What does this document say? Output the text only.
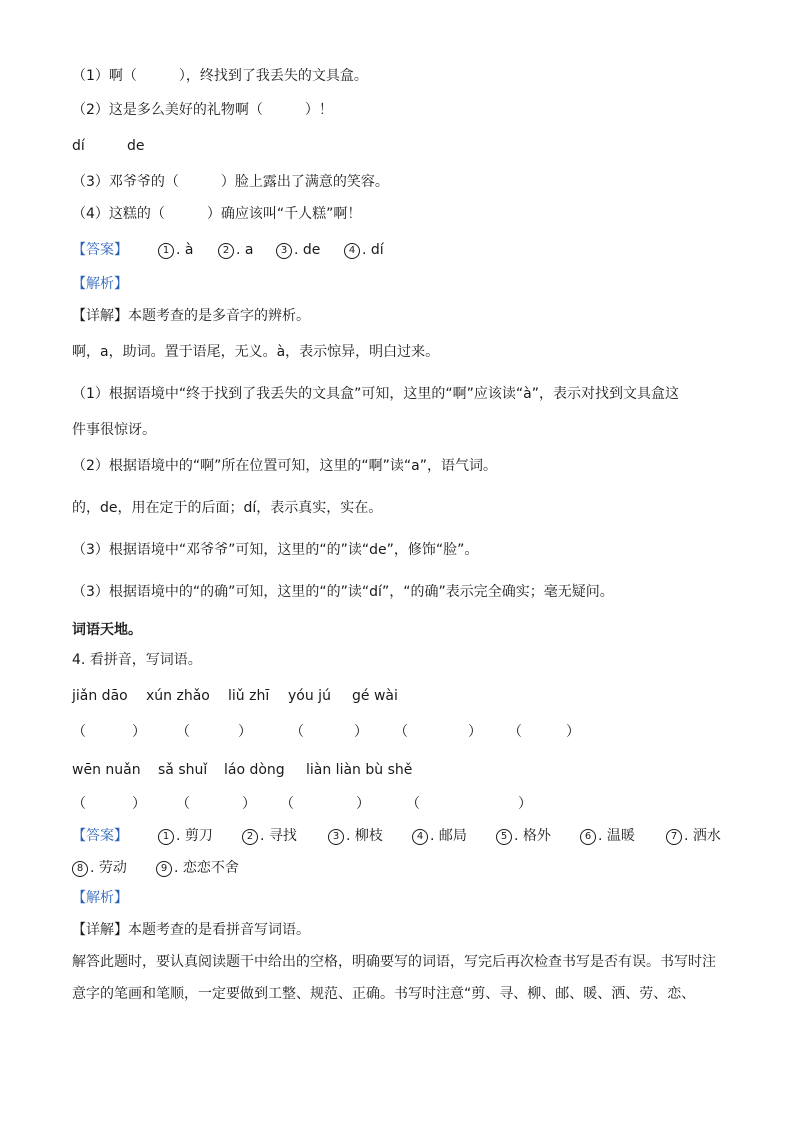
（1）啊（　　　），终找到了我丢失的文具盒。
（2）这是多么美好的礼物啊（　　　）！
dí	de
（3）邓爷爷的（　　　）脸上露出了满意的笑容。
（4）这糕的（　　　）确应该叫“千人糕”啊！
【答案】	1 . à	2 . a	3 . de	4 . dí
【解析】
【详解】本题考查的是多音字的辨析。
啊，a，助词。置于语尾，无义。à，表示惊异，明白过来。
（1）根据语境中“终于找到了我丢失的文具盒”可知，这里的“啊”应该读“à”，表示对找到文具盒这
件事很惊讶。
（2）根据语境中的“啊”所在位置可知，这里的“啊”读“a”，语气词。
的，de，用在定于的后面；dí，表示真实，实在。
（3）根据语境中“邓爷爷”可知，这里的“的”读“de”，修饰“脸”。
（3）根据语境中的“的确”可知，这里的“的”读“dí”，“的确”表示完全确实；毫无疑问。
词语天地。
4. 看拼音，写词语。
jiǎn dāo xún zhǎo liǔ zhī yóu jú gé wài
（	） （	）	（	） （	） （	）
wēn nuǎn sǎ shuǐ láo dòng liàn liàn bù shě
（	） （	） （	）	（	）
【答案】	1 . 剪刀	2 . 寻找	3 . 柳枝	4 . 邮局	5 . 格外	6 . 温暖	7 . 洒水
8 . 劳动	9 . 恋恋不舍
【解析】
【详解】本题考查的是看拼音写词语。
解答此题时，要认真阅读题干中给出的空格，明确要写的词语，写完后再次检查书写是否有误。书写时注
意字的笔画和笔顺，一定要做到工整、规范、正确。书写时注意“剪、寻、柳、邮、暖、洒、劳、恋、
